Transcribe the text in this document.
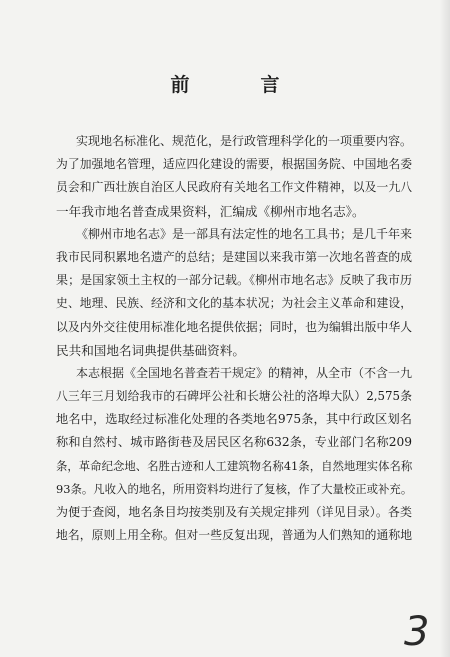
前　言
实现地名标准化、规范化，是行政管理科学化的一项重要内容。
为了加强地名管理，适应四化建设的需要，根据国务院、中国地名委
员会和广西壮族自治区人民政府有关地名工作文件精神，以及一九八
一年我市地名普查成果资料，汇编成《柳州市地名志》。
《柳州市地名志》是一部具有法定性的地名工具书；是几千年来
我市民同积累地名遗产的总结；是建国以来我市第一次地名普查的成
果；是国家领土主权的一部分记载。《柳州市地名志》反映了我市历
史、地理、民族、经济和文化的基本状况；为社会主义革命和建设，
以及内外交往使用标准化地名提供依据；同时，也为编辑出版中华人
民共和国地名词典提供基础资料。
本志根据《全国地名普查若干规定》的精神，从全市（不含一九
八三年三月划给我市的石碑坪公社和长塘公社的洛埠大队）2,575条
地名中，选取经过标准化处理的各类地名975条，其中行政区划名
称和自然村、城市路街巷及居民区名称632条，专业部门名称209
条，革命纪念地、名胜古迹和人工建筑物名称41条，自然地理实体名称
93条。凡收入的地名，所用资料均进行了复核，作了大量校正或补充。
为便于查阅，地名条目均按类别及有关规定排列（详见目录）。各类
地名，原则上用全称。但对一些反复出现，普通为人们熟知的通称地
3
